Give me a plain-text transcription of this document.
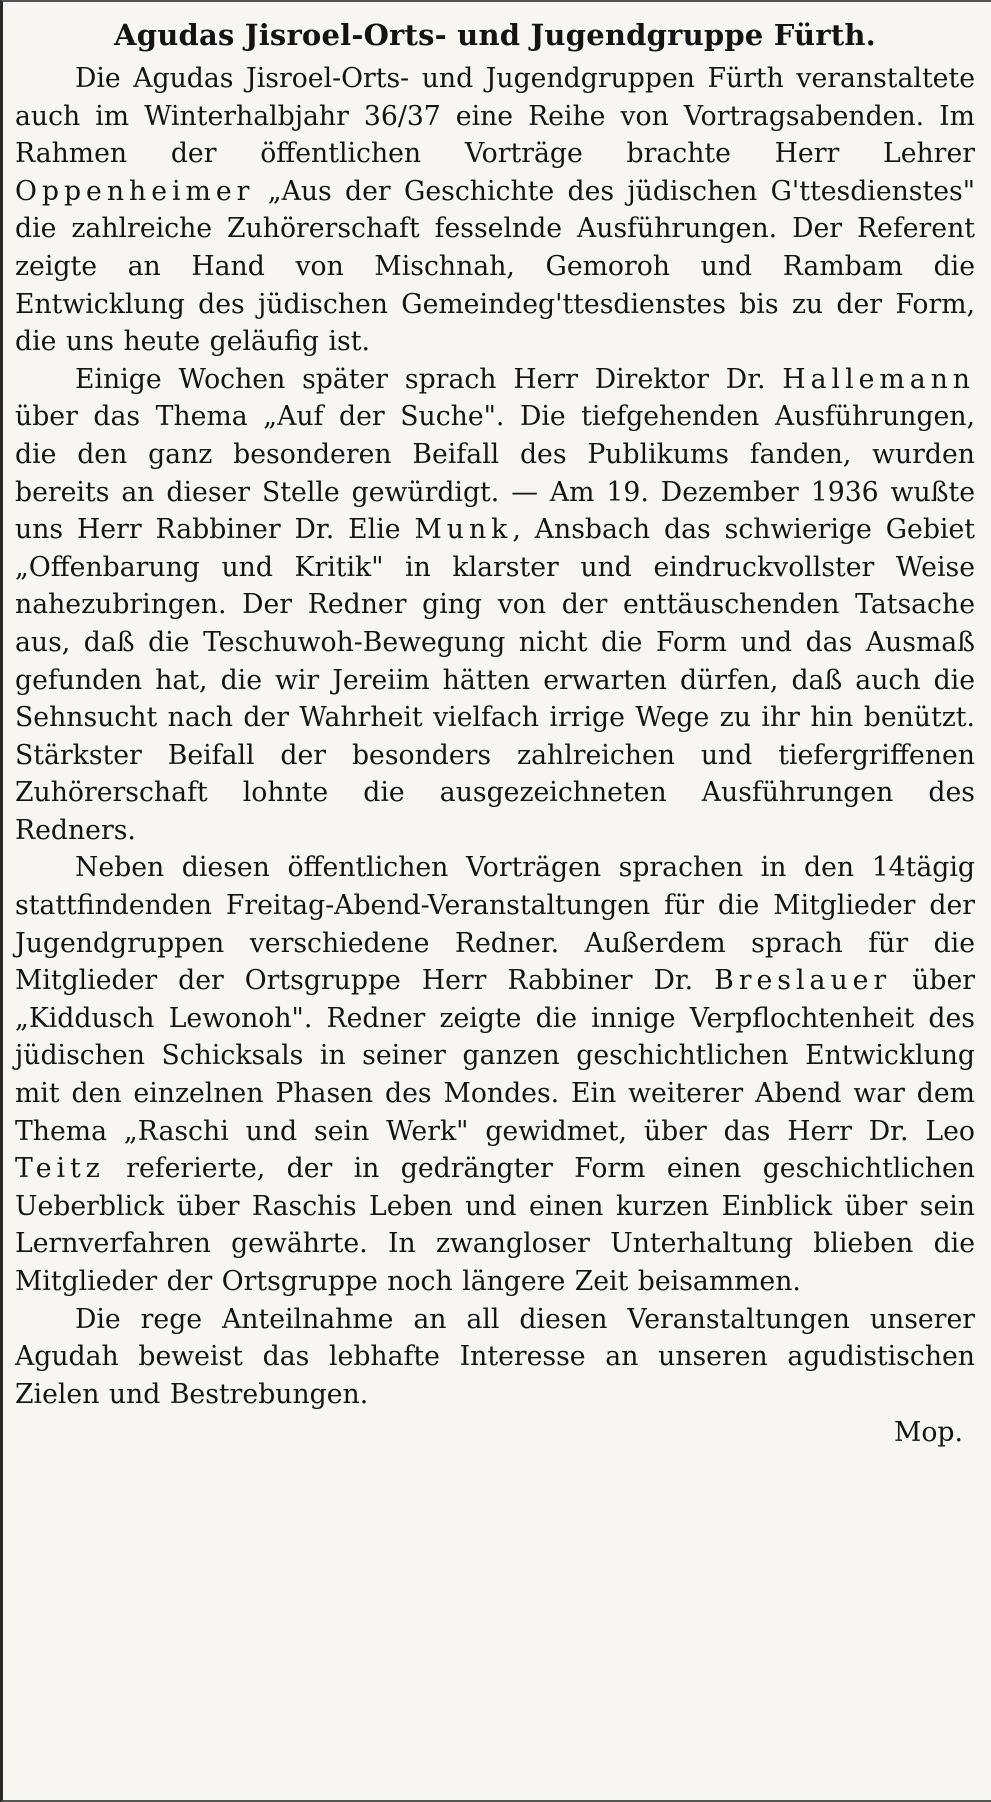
Agudas Jisroel-Orts- und Jugendgruppe Fürth.

Die Agudas Jisroel-Orts- und Jugendgruppen Fürth veranstaltete auch im Winterhalbjahr 36/37 eine Reihe von Vortragsabenden. Im Rahmen der öffentlichen Vorträge brachte Herr Lehrer Oppenheimer „Aus der Geschichte des jüdischen G'ttesdienstes" die zahlreiche Zuhörerschaft fesselnde Ausführungen. Der Referent zeigte an Hand von Mischnah, Gemoroh und Rambam die Entwicklung des jüdischen Gemeindeg'ttesdienstes bis zu der Form, die uns heute geläufig ist.

Einige Wochen später sprach Herr Direktor Dr. Hallemann über das Thema „Auf der Suche". Die tiefgehenden Ausführungen, die den ganz besonderen Beifall des Publikums fanden, wurden bereits an dieser Stelle gewürdigt. — Am 19. Dezember 1936 wußte uns Herr Rabbiner Dr. Elie Munk, Ansbach das schwierige Gebiet „Offenbarung und Kritik" in klarster und eindruckvollster Weise nahezubringen. Der Redner ging von der enttäuschenden Tatsache aus, daß die Teschuwoh-Bewegung nicht die Form und das Ausmaß gefunden hat, die wir Jereiim hätten erwarten dürfen, daß auch die Sehnsucht nach der Wahrheit vielfach irrige Wege zu ihr hin benützt. Stärkster Beifall der besonders zahlreichen und tiefergriffenen Zuhörerschaft lohnte die ausgezeichneten Ausführungen des Redners.

Neben diesen öffentlichen Vorträgen sprachen in den 14tägig stattfindenden Freitag-Abend-Veranstaltungen für die Mitglieder der Jugendgruppen verschiedene Redner. Außerdem sprach für die Mitglieder der Ortsgruppe Herr Rabbiner Dr. Breslauer über „Kiddusch Lewonoh". Redner zeigte die innige Verpflochtenheit des jüdischen Schicksals in seiner ganzen geschichtlichen Entwicklung mit den einzelnen Phasen des Mondes. Ein weiterer Abend war dem Thema „Raschi und sein Werk" gewidmet, über das Herr Dr. Leo Teitz referierte, der in gedrängter Form einen geschichtlichen Ueberblick über Raschis Leben und einen kurzen Einblick über sein Lernverfahren gewährte. In zwangloser Unterhaltung blieben die Mitglieder der Ortsgruppe noch längere Zeit beisammen.

Die rege Anteilnahme an all diesen Veranstaltungen unserer Agudah beweist das lebhafte Interesse an unseren agudistischen Zielen und Bestrebungen.

Mop.
